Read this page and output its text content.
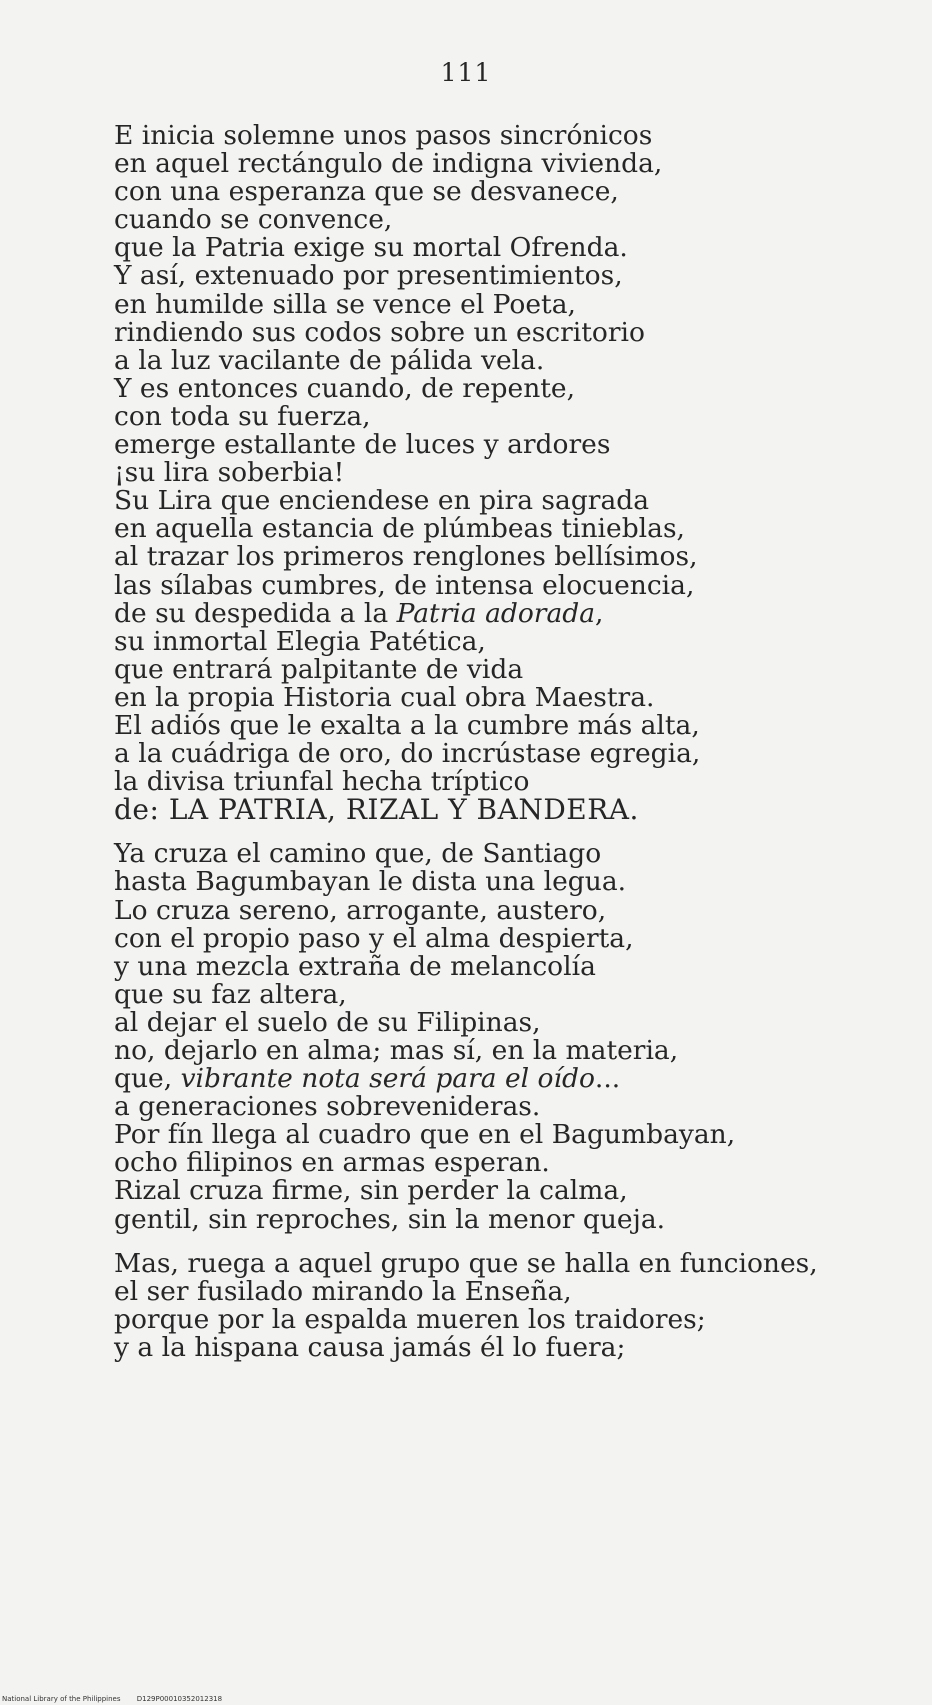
111
E inicia solemne unos pasos sincrónicos
en aquel rectángulo de indigna vivienda,
con una esperanza que se desvanece,
cuando se convence,
que la Patria exige su mortal Ofrenda.
Y así, extenuado por presentimientos,
en humilde silla se vence el Poeta,
rindiendo sus codos sobre un escritorio
a la luz vacilante de pálida vela.
Y es entonces cuando, de repente,
con toda su fuerza,
emerge estallante de luces y ardores
¡su lira soberbia!
Su Lira que enciendese en pira sagrada
en aquella estancia de plúmbeas tinieblas,
al trazar los primeros renglones bellísimos,
las sílabas cumbres, de intensa elocuencia,
de su despedida a la Patria adorada,
su inmortal Elegia Patética,
que entrará palpitante de vida
en la propia Historia cual obra Maestra.
El adiós que le exalta a la cumbre más alta,
a la cuádriga de oro, do incrústase egregia,
la divisa triunfal hecha tríptico
de: LA PATRIA, RIZAL Y BANDERA.
Ya cruza el camino que, de Santiago
hasta Bagumbayan le dista una legua.
Lo cruza sereno, arrogante, austero,
con el propio paso y el alma despierta,
y una mezcla extraña de melancolía
que su faz altera,
al dejar el suelo de su Filipinas,
no, dejarlo en alma; mas sí, en la materia,
que, vibrante nota será para el oído...
a generaciones sobrevenideras.
Por fín llega al cuadro que en el Bagumbayan,
ocho filipinos en armas esperan.
Rizal cruza firme, sin perder la calma,
gentil, sin reproches, sin la menor queja.
Mas, ruega a aquel grupo que se halla en funciones,
el ser fusilado mirando la Enseña,
porque por la espalda mueren los traidores;
y a la hispana causa jamás él lo fuera;
National Library of the Philippines D129P00010352012318
